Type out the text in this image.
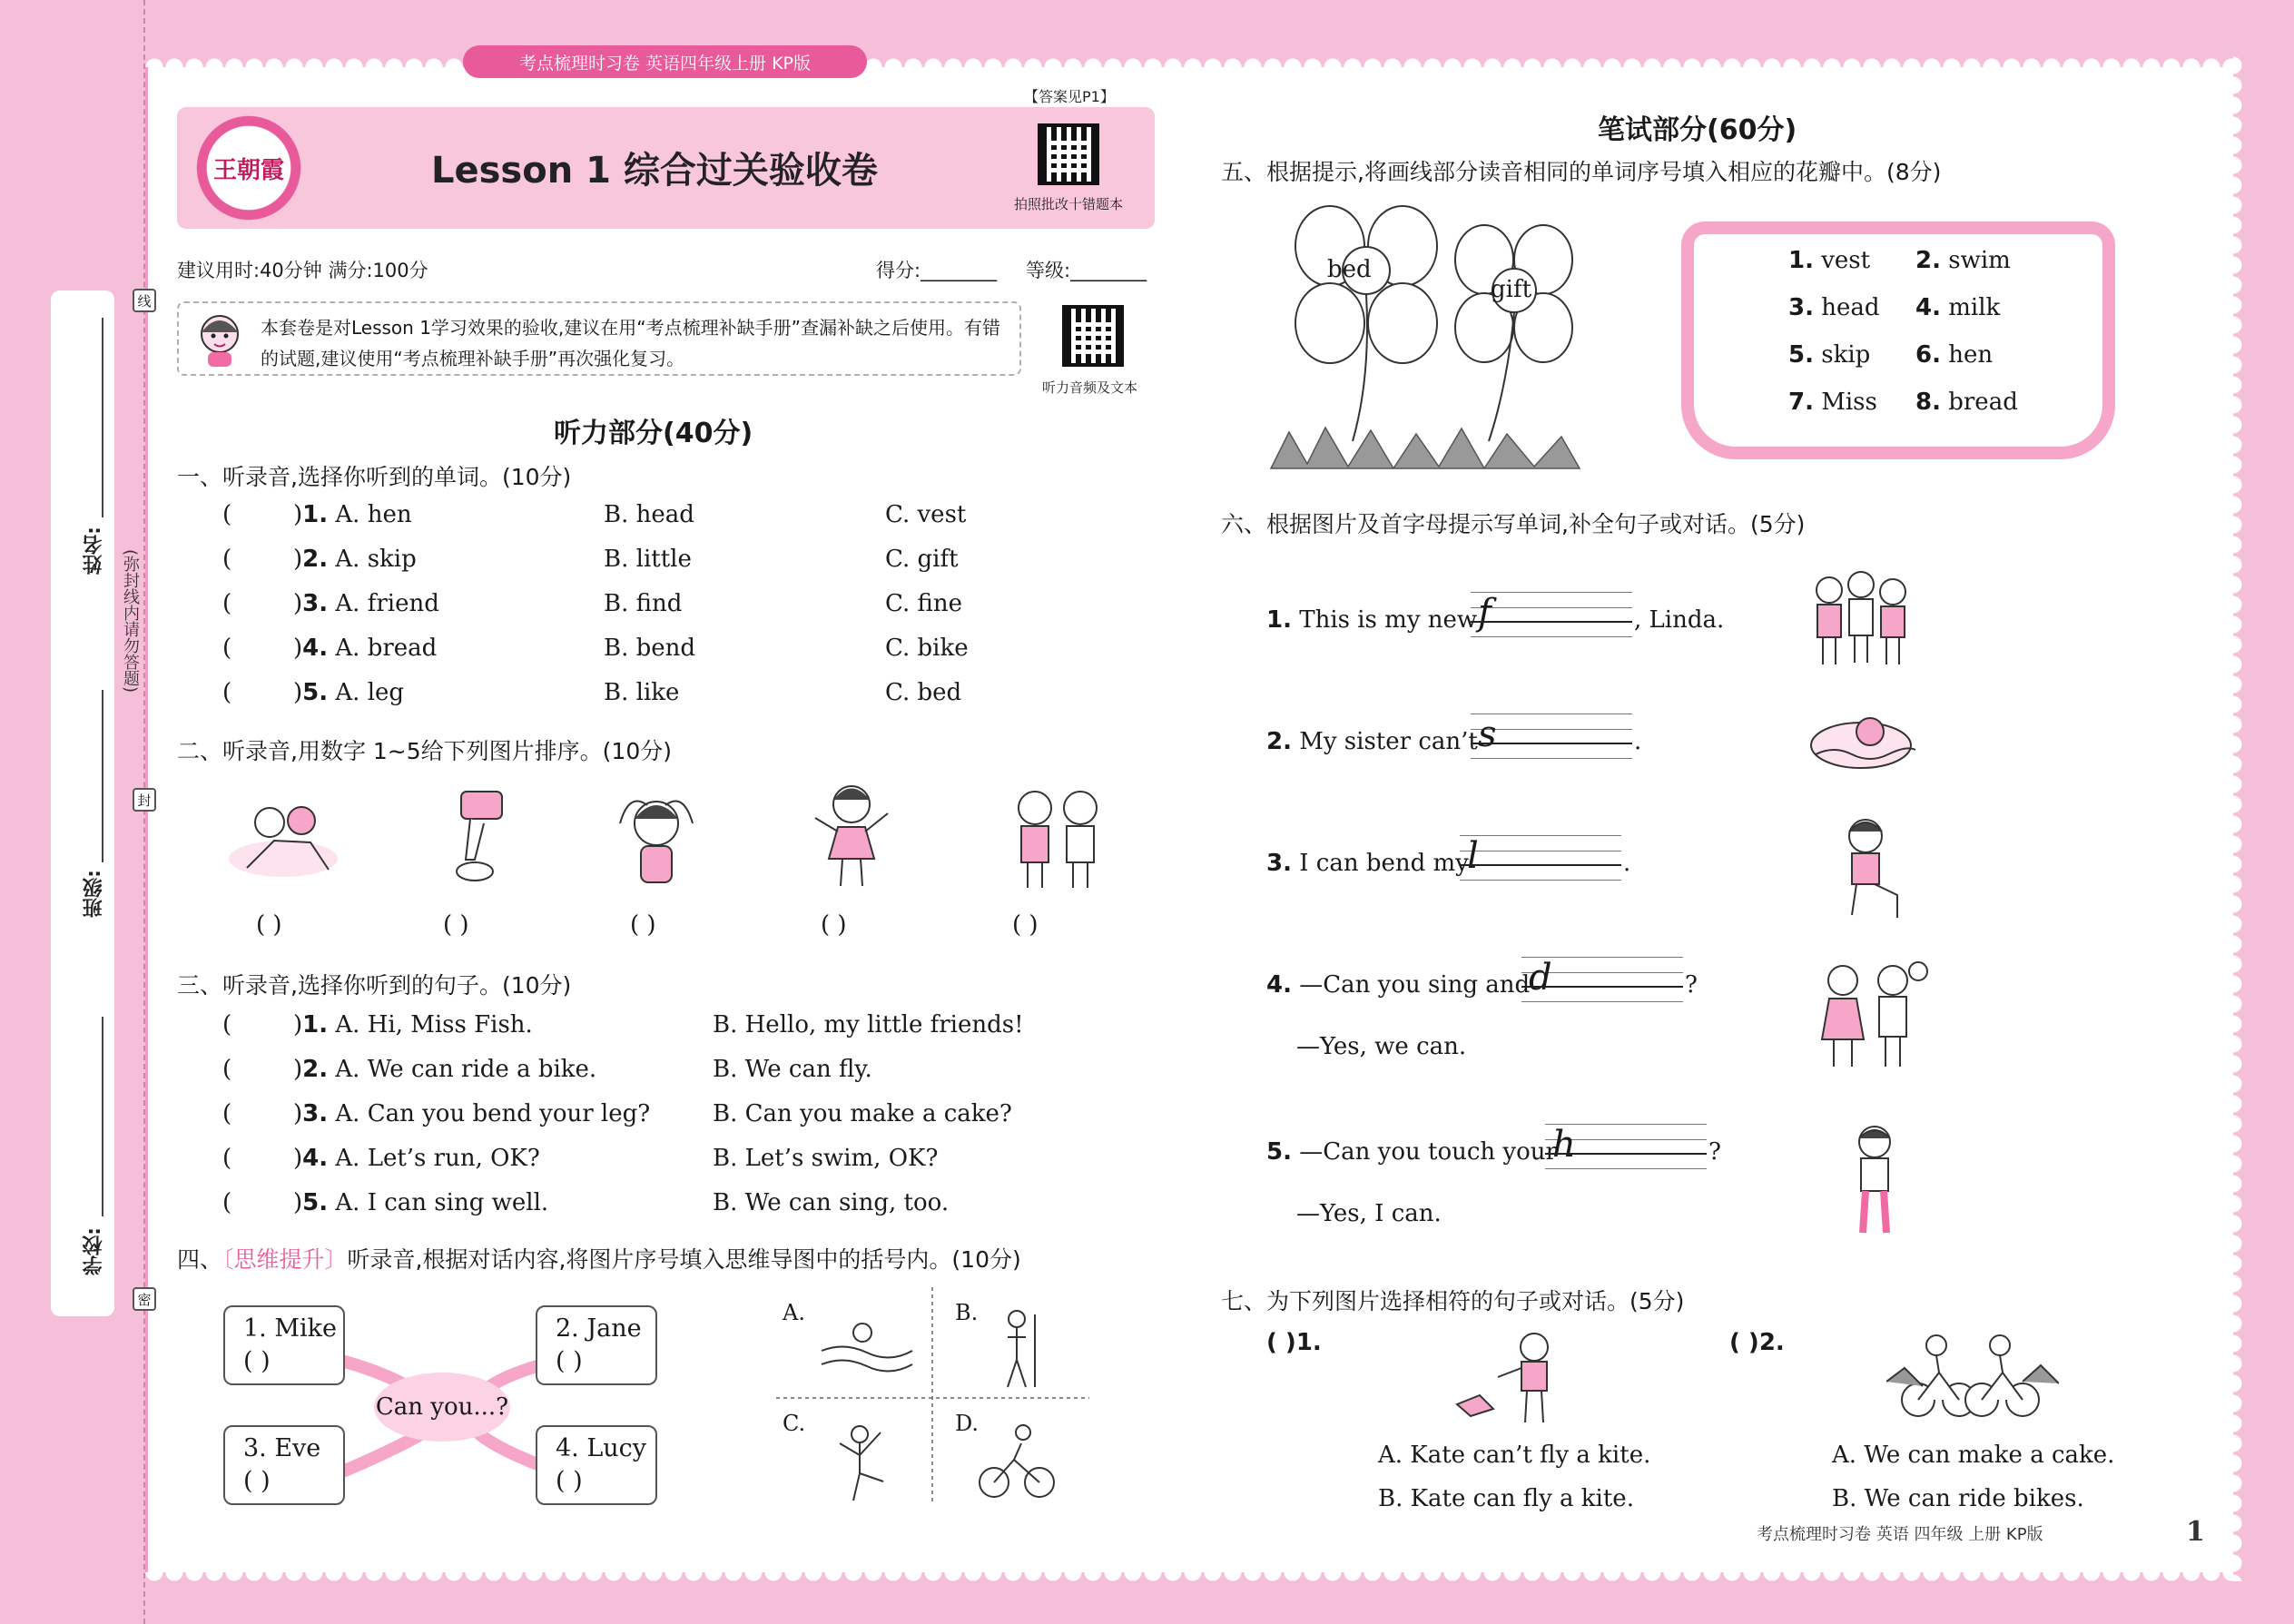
考点梳理时习卷 英语四年级上册 KP版
姓名:
班级:
学校:
线
封
密
(弥封线内请勿答题)
【答案见P1】
王朝霞	Lesson 1 综合过关验收卷
拍照批改十错题本
建议用时:40分钟 满分:100分	得分:________ 等级:________
本套卷是对Lesson 1学习效果的验收,建议在用“考点梳理补缺手册”查漏补缺之后使用。有错的试题,建议使用“考点梳理补缺手册”再次强化复习。
听力音频及文本
听力部分(40分)
一、听录音,选择你听到的单词。(10分)
(	)1. A. hen	B. head	C. vest
(	)2. A. skip	B. little	C. gift
(	)3. A. friend	B. find	C. fine
(	)4. A. bread	B. bend	C. bike
(	)5. A. leg	B. like	C. bed
二、听录音,用数字 1~5给下列图片排序。(10分)
( )	( )	( )	( )	( )
三、听录音,选择你听到的句子。(10分)
(	)1. A. Hi, Miss Fish.	B. Hello, my little friends!
(	)2. A. We can ride a bike.	B. We can fly.
(	)3. A. Can you bend your leg?	B. Can you make a cake?
(	)4. A. Let’s run, OK?	B. Let’s swim, OK?
(	)5. A. I can sing well.	B. We can sing, too.
四、〔思维提升〕听录音,根据对话内容,将图片序号填入思维导图中的括号内。(10分)
Can you...?
1. Mike
( )
2. Jane
( )
3. Eve
( )
4. Lucy
( )
A.	B.
C.	D.
笔试部分(60分)
五、根据提示,将画线部分读音相同的单词序号填入相应的花瓣中。(8分)
bed
gift
1. vest 2. swim
3. head 4. milk
5. skip 6. hen
7. Miss 8. bread
六、根据图片及首字母提示写单词,补全句子或对话。(5分)
1. This is my new f	, Linda.
2. My sister can’t s	.
3. I can bend my
l	.
4. —Can you sing and
d	?
—Yes, we can.
5. —Can you touch your
h	?
—Yes, I can.
七、为下列图片选择相符的句子或对话。(5分)
( )1.
A. Kate can’t fly a kite.
B. Kate can fly a kite.
( )2.
A. We can make a cake.
B. We can ride bikes.
考点梳理时习卷 英语 四年级 上册 KP版	1
